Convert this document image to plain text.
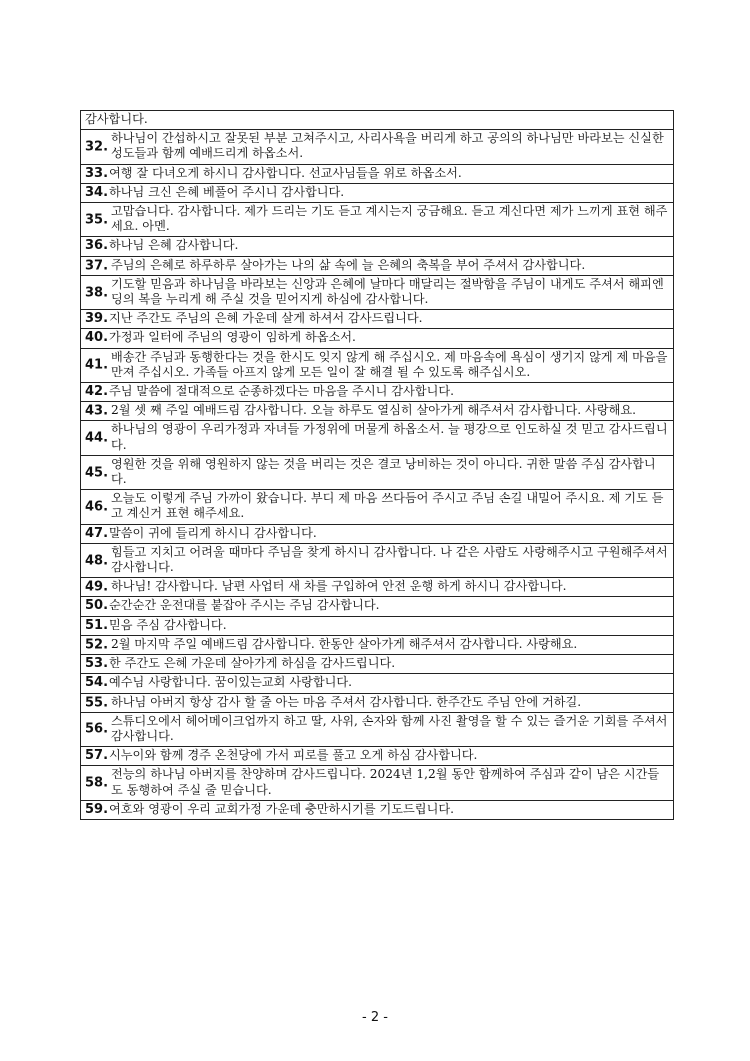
감사합니다.

32.
하나님이 간섭하시고 잘못된 부분 고쳐주시고, 사리사욕을 버리게 하고 공의의 하나님만 바라보는 신실한 성도들과 함께 예배드리게 하옵소서.
33.여행 잘 다녀오게 하시니 감사합니다. 선교사님들을 위로 하옵소서.
34.하나님 크신 은혜 베풀어 주시니 감사합니다.

35.
고맙습니다. 감사합니다. 제가 드리는 기도 듣고 계시는지 궁금해요. 듣고 계신다면 제가 느끼게 표현 해주세요. 아멘.
36.하나님 은혜 감사합니다.

37. 주님의 은혜로 하루하루 살아가는 나의 삶 속에 늘 은혜의 축복을 부어 주셔서 감사합니다.

38.
기도할 믿음과 하나님을 바라보는 신앙과 은혜에 날마다 매달리는 절박함을 주님이 내게도 주셔서 해피엔딩의 복을 누리게 해 주실 것을 믿어지게 하심에 감사합니다.
39.지난 주간도 주님의 은혜 가운데 살게 하셔서 감사드립니다.
40.가정과 일터에 주님의 영광이 임하게 하옵소서.

41.
배송간 주님과 동행한다는 것을 한시도 잊지 않게 해 주십시오. 제 마음속에 욕심이 생기지 않게 제 마음을 만져 주십시오. 가족들 아프지 않게 모든 일이 잘 해결 될 수 있도록 해주십시오.
42.주님 말씀에 절대적으로 순종하겠다는 마음을 주시니 감사합니다.

43. 2월 셋 째 주일 예배드림 감사합니다. 오늘 하루도 열심히 살아가게 해주셔서 감사합니다. 사랑해요.

44.
하나님의 영광이 우리가정과 자녀들 가정위에 머물게 하옵소서. 늘 평강으로 인도하실 것 믿고 감사드립니다.

45.
영원한 것을 위해 영원하지 않는 것을 버리는 것은 결코 낭비하는 것이 아니다. 귀한 말씀 주심 감사합니다.

46.
오늘도 이렇게 주님 가까이 왔습니다. 부디 제 마음 쓰다듬어 주시고 주님 손길 내밀어 주시요. 제 기도 듣고 계신거 표현 해주세요.
47.말씀이 귀에 들리게 하시니 감사합니다.

48.
힘들고 지치고 어려울 때마다 주님을 찾게 하시니 감사합니다. 나 같은 사람도 사랑해주시고 구원해주셔서 감사합니다.

49. 하나님! 감사합니다. 남편 사업터 새 차를 구입하여 안전 운행 하게 하시니 감사합니다.
50.순간순간 운전대를 붙잡아 주시는 주님 감사합니다.
51.믿음 주심 감사합니다.

52. 2월 마지막 주일 예배드림 감사합니다. 한동안 살아가게 해주셔서 감사합니다. 사랑해요.
53.한 주간도 은혜 가운데 살아가게 하심을 감사드립니다.
54.예수님 사랑합니다. 꿈이있는교회 사랑합니다.

55. 하나님 아버지 항상 감사 할 줄 아는 마음 주셔서 감사합니다. 한주간도 주님 안에 거하길.

56.
스튜디오에서 헤어메이크업까지 하고 딸, 사위, 손자와 함께 사진 촬영을 할 수 있는 즐거운 기회를 주셔서 감사합니다.
57.시누이와 함께 경주 온천당에 가서 피로를 풀고 오게 하심 감사합니다.

58.
전능의 하나님 아버지를 찬양하며 감사드립니다. 2024년 1,2월 동안 함께하여 주심과 같이 남은 시간들도 동행하여 주실 줄 믿습니다.
59.여호와 영광이 우리 교회가정 가운데 충만하시기를 기도드립니다.
- 2 -
